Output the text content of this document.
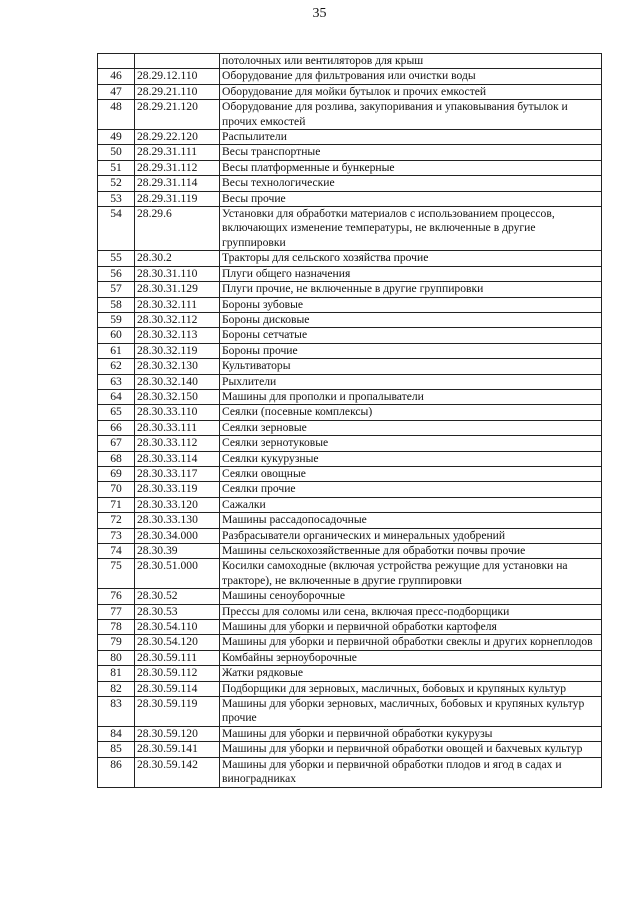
35
		потолочных или вентиляторов для крыш
46	28.29.12.110	Оборудование для фильтрования или очистки воды
47	28.29.21.110	Оборудование для мойки бутылок и прочих емкостей
48	28.29.21.120	Оборудование для розлива, закупоривания и упаковывания бутылок и прочих емкостей
49	28.29.22.120	Распылители
50	28.29.31.111	Весы транспортные
51	28.29.31.112	Весы платформенные и бункерные
52	28.29.31.114	Весы технологические
53	28.29.31.119	Весы прочие
54	28.29.6	Установки для обработки материалов с использованием процессов, включающих изменение температуры, не включенные в другие группировки
55	28.30.2	Тракторы для сельского хозяйства прочие
56	28.30.31.110	Плуги общего назначения
57	28.30.31.129	Плуги прочие, не включенные в другие группировки
58	28.30.32.111	Бороны зубовые
59	28.30.32.112	Бороны дисковые
60	28.30.32.113	Бороны сетчатые
61	28.30.32.119	Бороны прочие
62	28.30.32.130	Культиваторы
63	28.30.32.140	Рыхлители
64	28.30.32.150	Машины для прополки и пропалыватели
65	28.30.33.110	Сеялки (посевные комплексы)
66	28.30.33.111	Сеялки зерновые
67	28.30.33.112	Сеялки зернотуковые
68	28.30.33.114	Сеялки кукурузные
69	28.30.33.117	Сеялки овощные
70	28.30.33.119	Сеялки прочие
71	28.30.33.120	Сажалки
72	28.30.33.130	Машины рассадопосадочные
73	28.30.34.000	Разбрасыватели органических и минеральных удобрений
74	28.30.39	Машины сельскохозяйственные для обработки почвы прочие
75	28.30.51.000	Косилки самоходные (включая устройства режущие для установки на тракторе), не включенные в другие группировки
76	28.30.52	Машины сеноуборочные
77	28.30.53	Прессы для соломы или сена, включая пресс-подборщики
78	28.30.54.110	Машины для уборки и первичной обработки картофеля
79	28.30.54.120	Машины для уборки и первичной обработки свеклы и других корнеплодов
80	28.30.59.111	Комбайны зерноуборочные
81	28.30.59.112	Жатки рядковые
82	28.30.59.114	Подборщики для зерновых, масличных, бобовых и крупяных культур
83	28.30.59.119	Машины для уборки зерновых, масличных, бобовых и крупяных культур прочие
84	28.30.59.120	Машины для уборки и первичной обработки кукурузы
85	28.30.59.141	Машины для уборки и первичной обработки овощей и бахчевых культур
86	28.30.59.142	Машины для уборки и первичной обработки плодов и ягод в садах и виноградниках
